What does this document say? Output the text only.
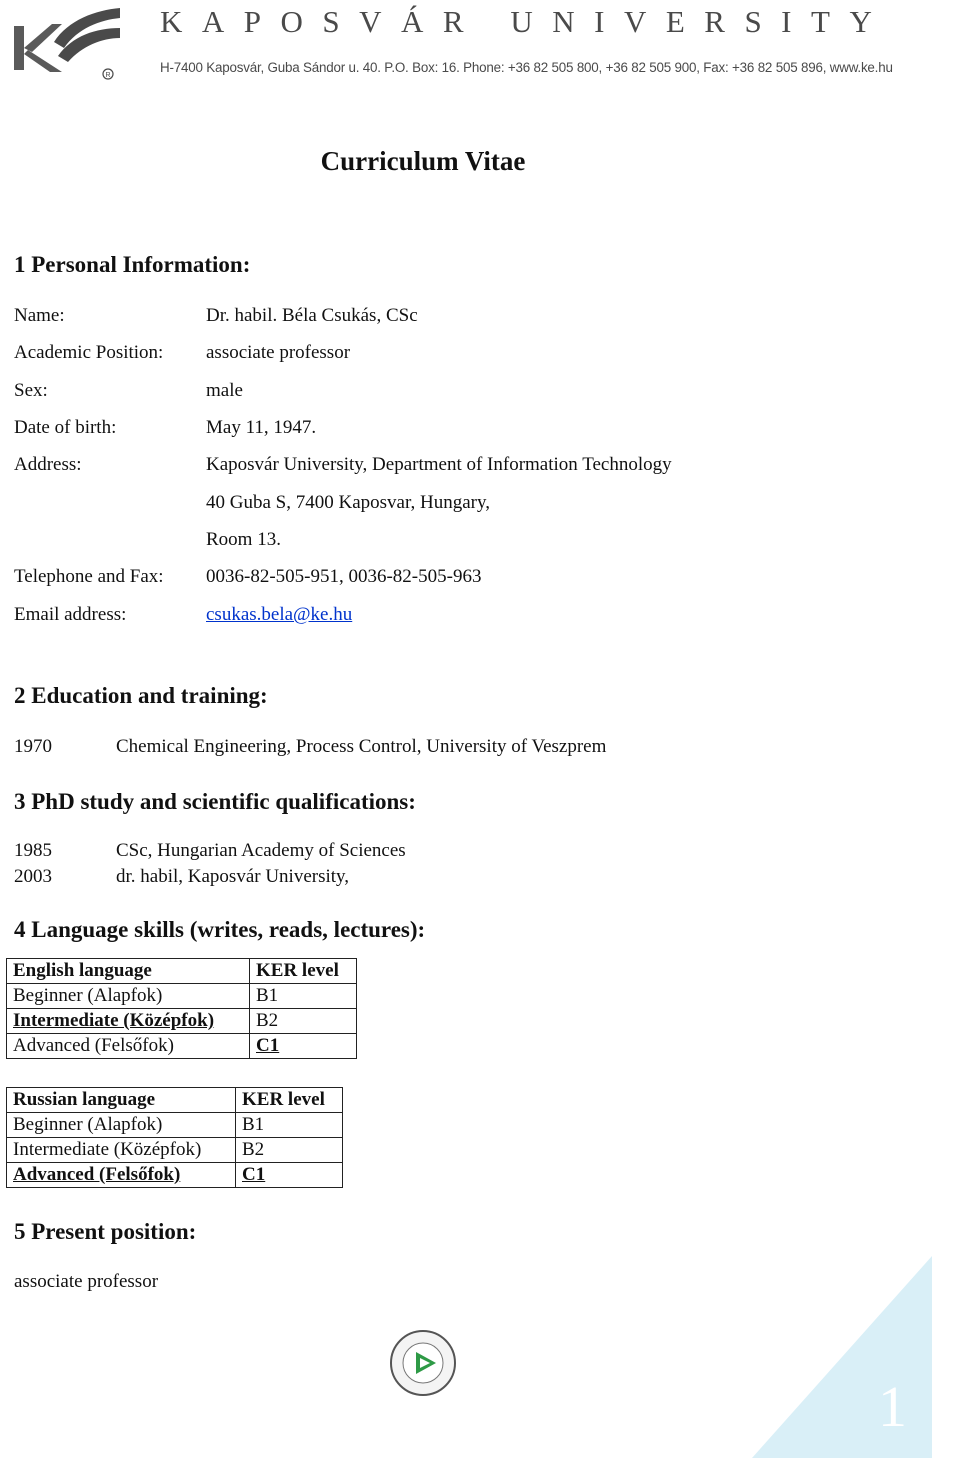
R
KAPOSVÁR UNIVERSITY
H-7400 Kaposvár, Guba Sándor u. 40. P.O. Box: 16. Phone: +36 82 505 800, +36 82 505 900, Fax: +36 82 505 896, www.ke.hu
Curriculum Vitae
1 Personal Information:
Name:	Dr. habil. Béla Csukás, CSc
Academic Position: associate professor
Sex:	male
Date of birth:	May 11, 1947.
Address:	Kaposvár University, Department of Information Technology
40 Guba S, 7400 Kaposvar, Hungary,
Room 13.
Telephone and Fax: 0036-82-505-951, 0036-82-505-963
Email address:	csukas.bela@ke.hu
2 Education and training:
1970	Chemical Engineering, Process Control, University of Veszprem
3 PhD study and scientific qualifications:
1985	CSc, Hungarian Academy of Sciences
2003	dr. habil, Kaposvár University,
4 Language skills (writes, reads, lectures):
English language	KER level
Beginner (Alapfok)	B1
Intermediate (Középfok)	B2
Advanced (Felsőfok)	C1
Russian language	KER level
Beginner (Alapfok)	B1
Intermediate (Középfok)	B2
Advanced (Felsőfok)	C1
5 Present position:
associate professor
1
